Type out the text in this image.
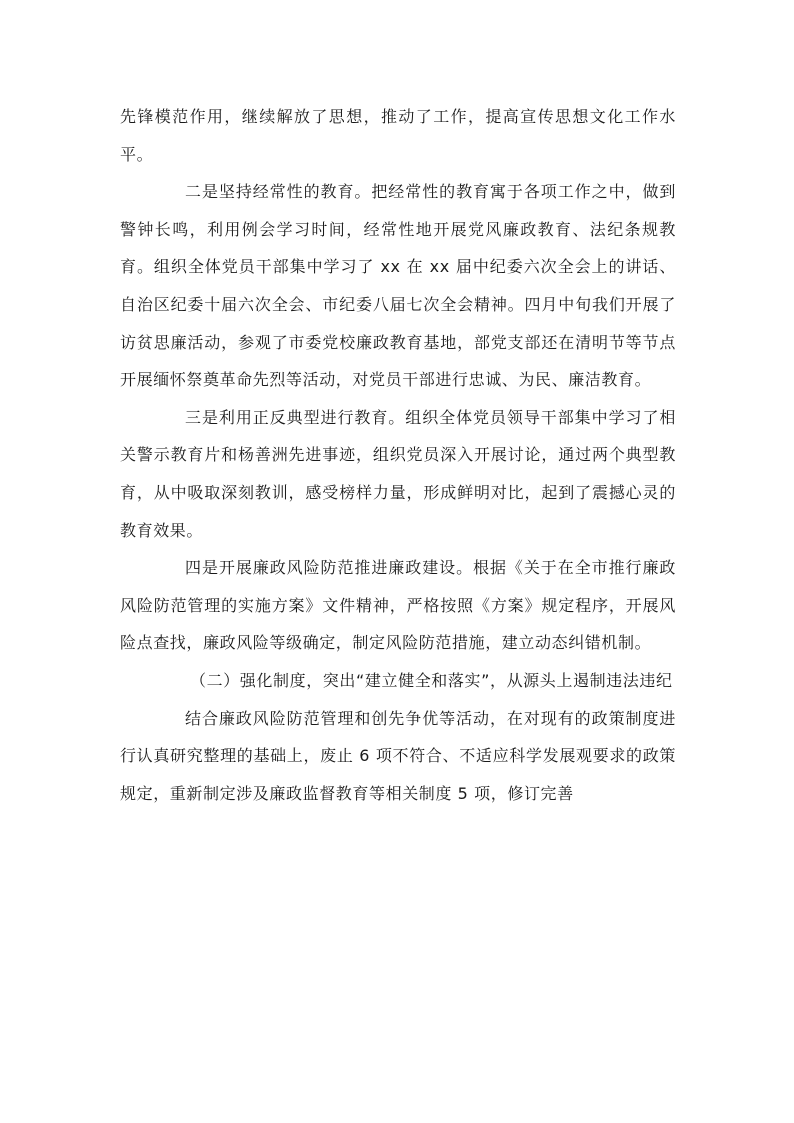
先锋模范作用，继续解放了思想，推动了工作，提高宣传思想文化工作水平。

二是坚持经常性的教育。把经常性的教育寓于各项工作之中，做到警钟长鸣，利用例会学习时间，经常性地开展党风廉政教育、法纪条规教育。组织全体党员干部集中学习了 xx 在 xx 届中纪委六次全会上的讲话、自治区纪委十届六次全会、市纪委八届七次全会精神。四月中旬我们开展了访贫思廉活动，参观了市委党校廉政教育基地，部党支部还在清明节等节点开展缅怀祭奠革命先烈等活动，对党员干部进行忠诚、为民、廉洁教育。

三是利用正反典型进行教育。组织全体党员领导干部集中学习了相关警示教育片和杨善洲先进事迹，组织党员深入开展讨论，通过两个典型教育，从中吸取深刻教训，感受榜样力量，形成鲜明对比，起到了震撼心灵的教育效果。

四是开展廉政风险防范推进廉政建设。根据《关于在全市推行廉政风险防范管理的实施方案》文件精神，严格按照《方案》规定程序，开展风险点查找，廉政风险等级确定，制定风险防范措施，建立动态纠错机制。

（二）强化制度，突出“建立健全和落实”，从源头上遏制违法违纪

结合廉政风险防范管理和创先争优等活动，在对现有的政策制度进行认真研究整理的基础上，废止 6 项不符合、不适应科学发展观要求的政策规定，重新制定涉及廉政监督教育等相关制度 5 项，修订完善
